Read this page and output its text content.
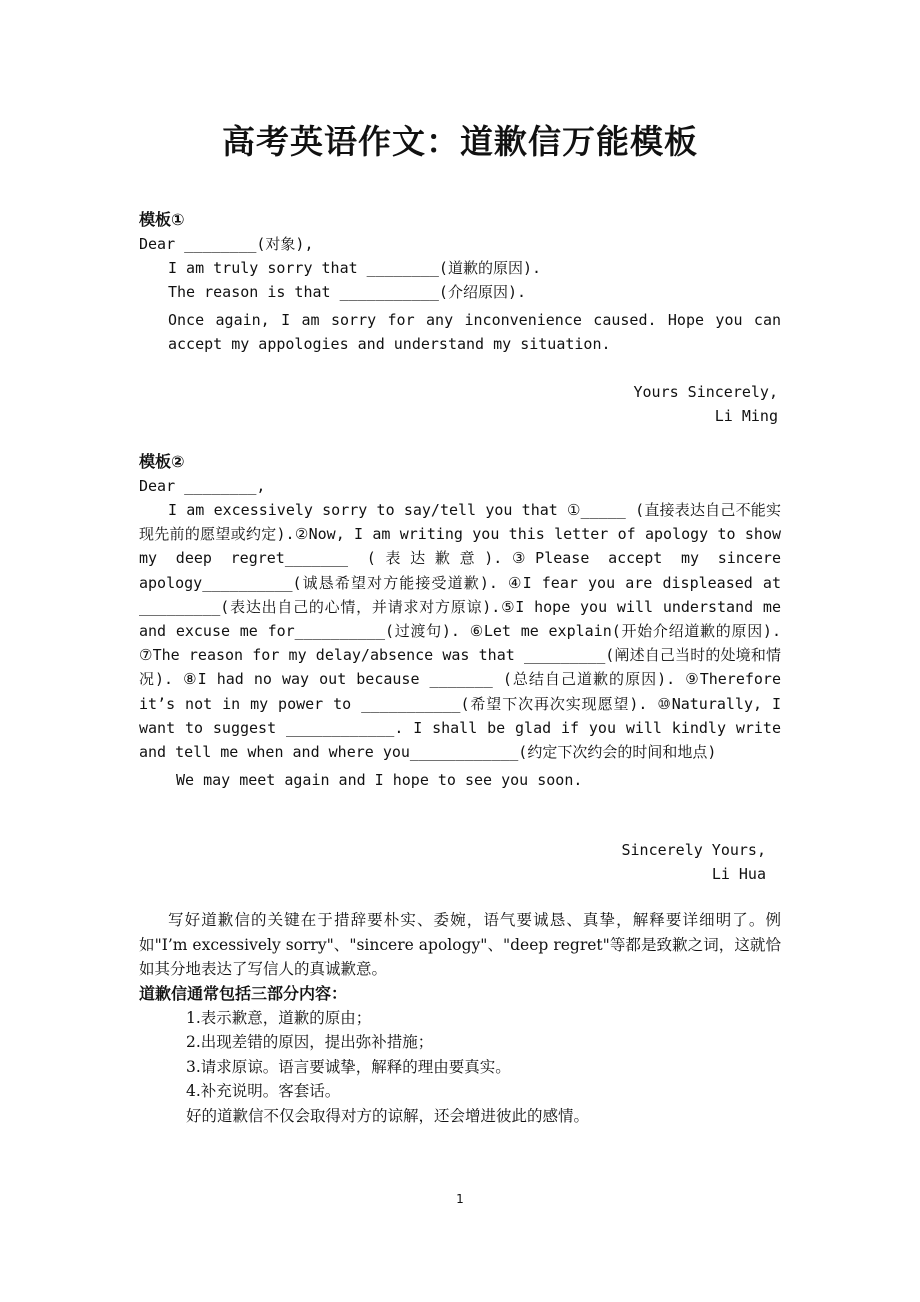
高考英语作文：道歉信万能模板
模板①
Dear ________(对象),
I am truly sorry that ________(道歉的原因).
The reason is that ___________(介绍原因).
Once again, I am sorry for any inconvenience caused. Hope you can accept my appologies and understand my situation.
Yours Sincerely,
Li Ming
模板②
Dear ________,
I am excessively sorry to say/tell you that ①_____ (直接表达自己不能实现先前的愿望或约定).②Now, I am writing you this letter of apology to show my deep regret_______ (表达歉意).③Please accept my sincere apology__________(诚恳希望对方能接受道歉). ④I fear you are displeased at _________(表达出自己的心情，并请求对方原谅).⑤I hope you will understand me and excuse me for__________(过渡句). ⑥Let me explain(开始介绍道歉的原因). ⑦The reason for my delay/absence was that _________(阐述自己当时的处境和情况). ⑧I had no way out because _______ (总结自己道歉的原因). ⑨Therefore it’s not in my power to ___________(希望下次再次实现愿望). ⑩Naturally, I want to suggest ____________. I shall be glad if you will kindly write and tell me when and where you____________(约定下次约会的时间和地点)
We may meet again and I hope to see you soon.
Sincerely Yours,
Li Hua
写好道歉信的关键在于措辞要朴实、委婉，语气要诚恳、真挚，解释要详细明了。例如"I’m excessively sorry"、"sincere apology"、"deep regret"等都是致歉之词，这就恰如其分地表达了写信人的真诚歉意。
道歉信通常包括三部分内容：
1.表示歉意，道歉的原由；
2.出现差错的原因，提出弥补措施；
3.请求原谅。语言要诚挚，解释的理由要真实。
4.补充说明。客套话。
好的道歉信不仅会取得对方的谅解，还会增进彼此的感情。
1
